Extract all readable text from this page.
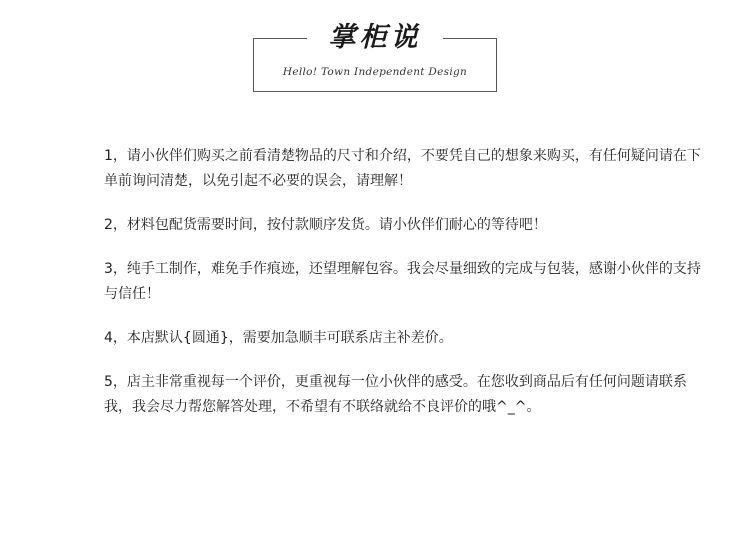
掌柜说
Hello! Town Independent Design
1，请小伙伴们购买之前看清楚物品的尺寸和介绍，不要凭自己的想象来购买，有任何疑问请在下单前询问清楚，以免引起不必要的误会，请理解！
2，材料包配货需要时间，按付款顺序发货。请小伙伴们耐心的等待吧！
3，纯手工制作，难免手作痕迹，还望理解包容。我会尽量细致的完成与包装，感谢小伙伴的支持与信任！
4，本店默认{圆通}，需要加急顺丰可联系店主补差价。
5，店主非常重视每一个评价，更重视每一位小伙伴的感受。在您收到商品后有任何问题请联系我，我会尽力帮您解答处理，不希望有不联络就给不良评价的哦^_^。
